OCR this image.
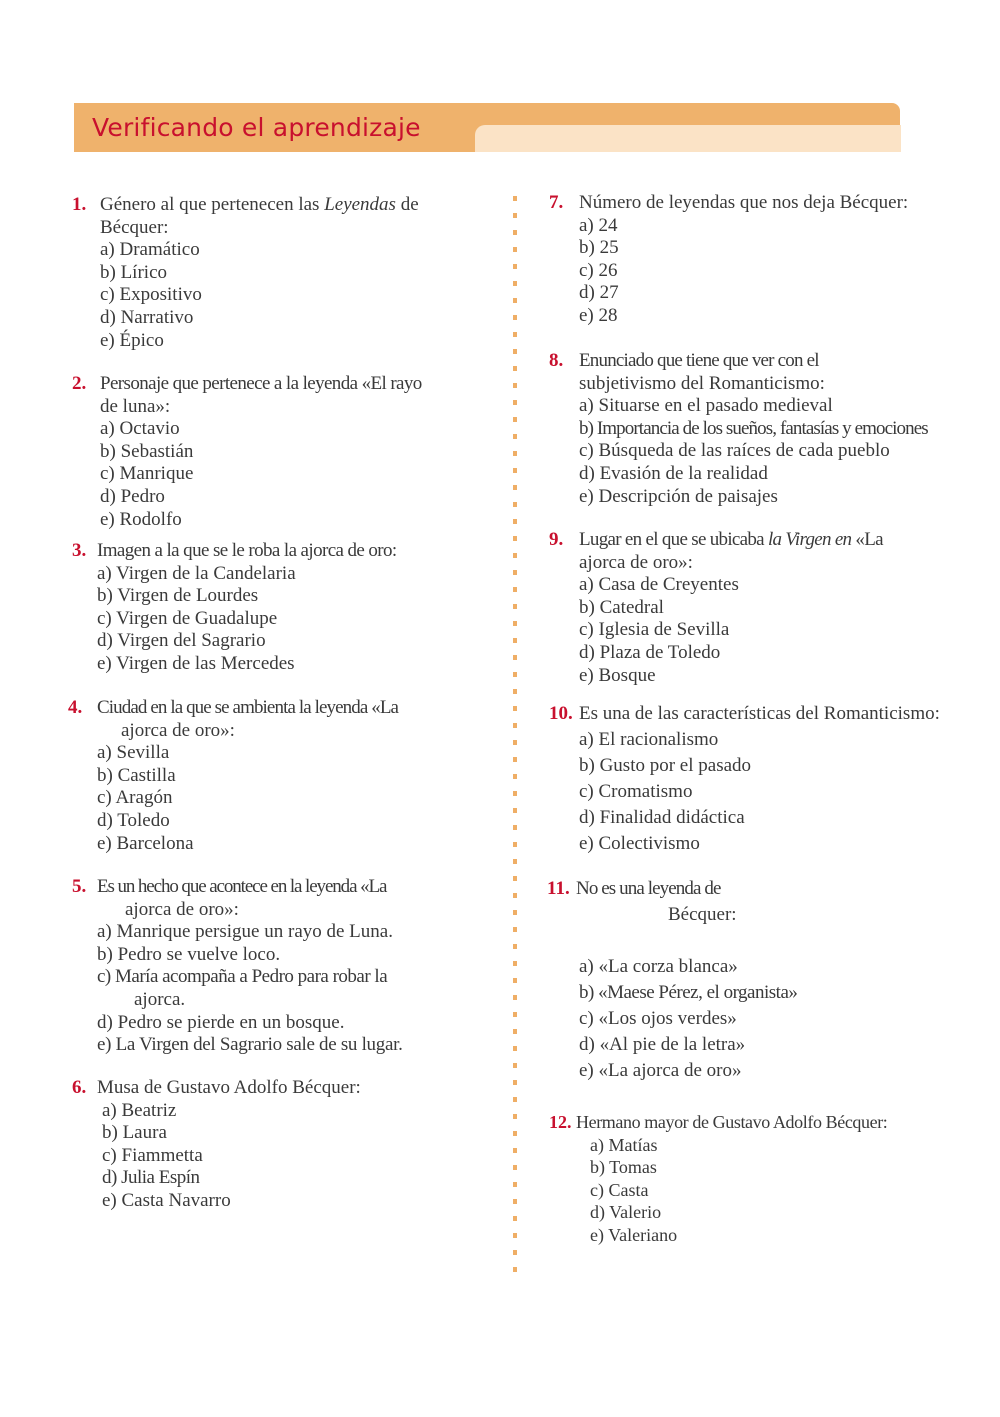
Verificando el aprendizaje

1. Género al que pertenecen las Leyendas de

Bécquer:

a) Dramático

b) Lírico

c) Expositivo

d) Narrativo

e) Épico

2. Personaje que pertenece a la leyenda «El rayo

de luna»:

a) Octavio

b) Sebastián

c) Manrique

d) Pedro

e) Rodolfo

3. Imagen a la que se le roba la ajorca de oro:

a) Virgen de la Candelaria

b) Virgen de Lourdes

c) Virgen de Guadalupe

d) Virgen del Sagrario

e) Virgen de las Mercedes

4. Ciudad en la que se ambienta la leyenda «La

ajorca de oro»:

a) Sevilla

b) Castilla

c) Aragón

d) Toledo

e) Barcelona

5. Es un hecho que acontece en la leyenda «La

ajorca de oro»:

a) Manrique persigue un rayo de Luna.

b) Pedro se vuelve loco.

c) María acompaña a Pedro para robar la

ajorca.

d) Pedro se pierde en un bosque.

e) La Virgen del Sagrario sale de su lugar.

6. Musa de Gustavo Adolfo Bécquer:

a) Beatriz

b) Laura

c) Fiammetta

d) Julia Espín

e) Casta Navarro

7. Número de leyendas que nos deja Bécquer:

a) 24

b) 25

c) 26

d) 27

e) 28

8. Enunciado que tiene que ver con el

subjetivismo del Romanticismo:

a) Situarse en el pasado medieval

b) Importancia de los sueños, fantasías y emociones

c) Búsqueda de las raíces de cada pueblo

d) Evasión de la realidad

e) Descripción de paisajes

9. Lugar en el que se ubicaba la Virgen en «La

ajorca de oro»:

a) Casa de Creyentes

b) Catedral

c) Iglesia de Sevilla

d) Plaza de Toledo

e) Bosque

10. Es una de las características del Romanticismo:

a) El racionalismo

b) Gusto por el pasado

c) Cromatismo

d) Finalidad didáctica

e) Colectivismo

11. No es una leyenda de

Bécquer:

a) «La corza blanca»

b) «Maese Pérez, el organista»

c) «Los ojos verdes»

d) «Al pie de la letra»

e) «La ajorca de oro»

12. Hermano mayor de Gustavo Adolfo Bécquer:

a) Matías

b) Tomas

c) Casta

d) Valerio

e) Valeriano
